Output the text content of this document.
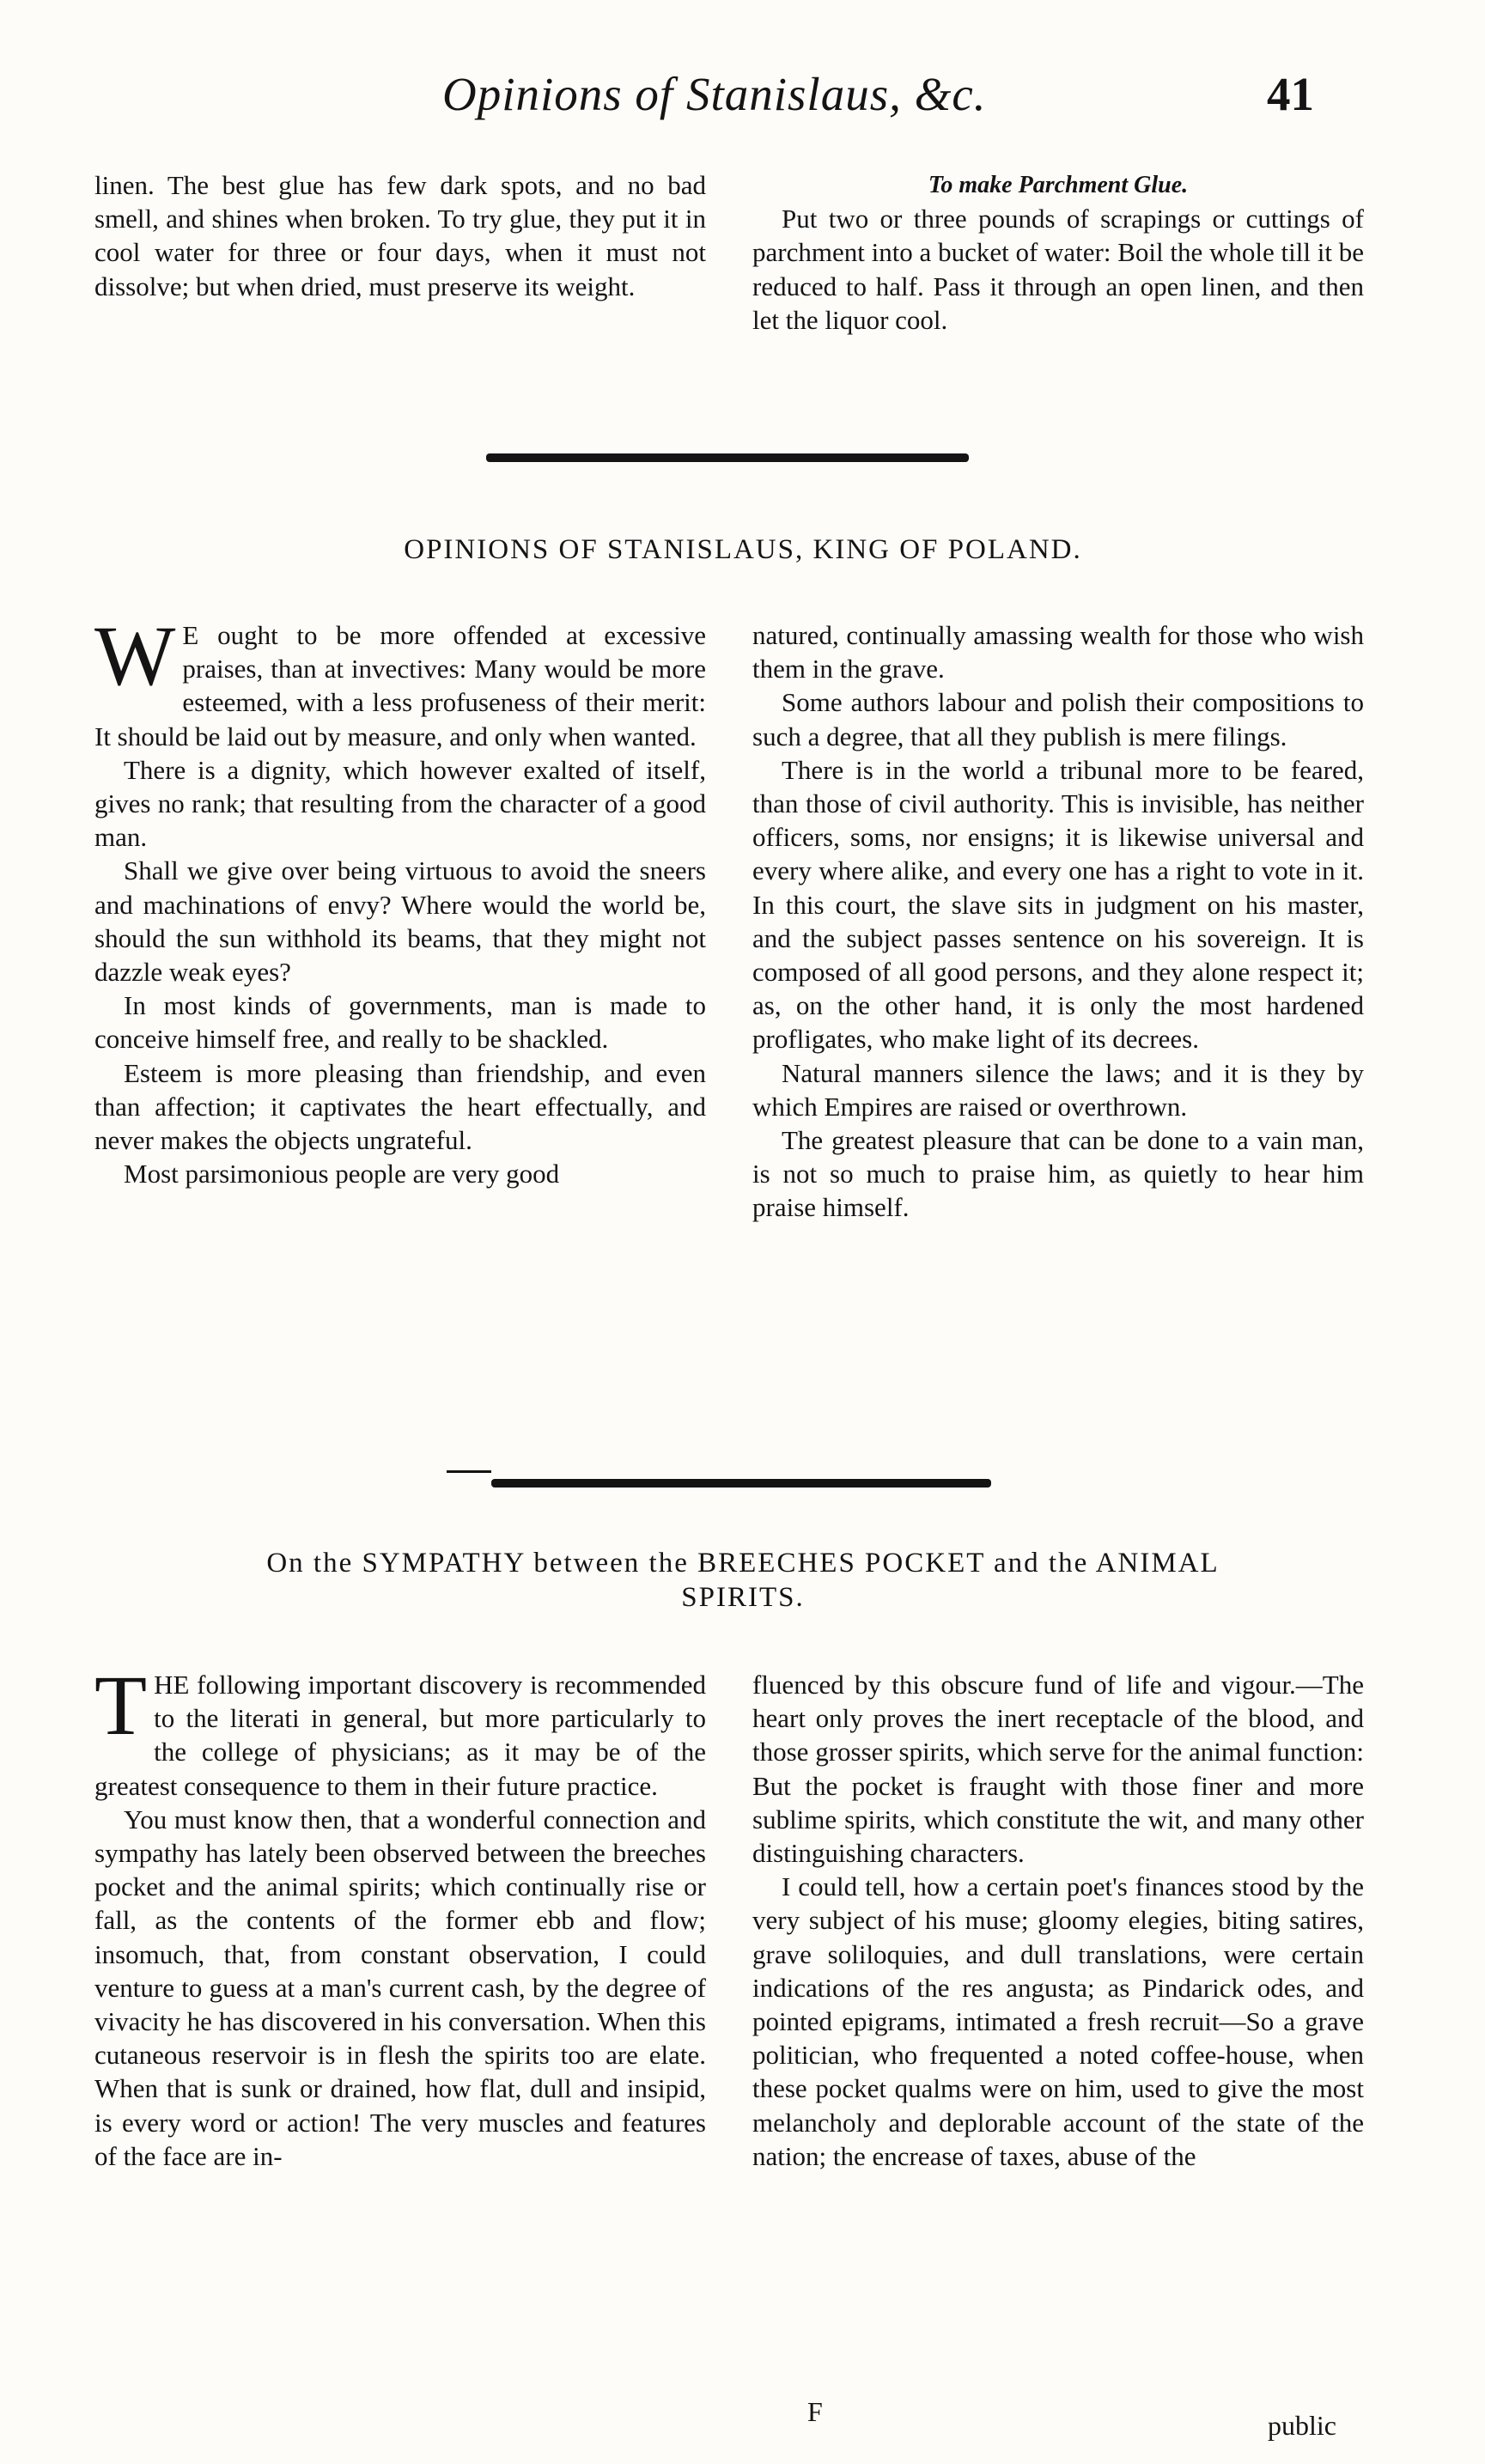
Opinions of Stanislaus, &c.	41

linen. The best glue has few dark spots, and no bad smell, and shines when broken. To try glue, they put it in cool water for three or four days, when it must not dissolve; but when dried, must preserve its weight.

To make Parchment Glue.

Put two or three pounds of scrapings or cuttings of parchment into a bucket of water: Boil the whole till it be reduced to half. Pass it through an open linen, and then let the liquor cool.

OPINIONS OF STANISLAUS, KING OF POLAND.

W E ought to be more offended at excessive praises, than at invectives: Many would be more esteemed, with a less profuseness of their merit: It should be laid out by measure, and only when wanted.

There is a dignity, which however exalted of itself, gives no rank; that resulting from the character of a good man.

Shall we give over being virtuous to avoid the sneers and machinations of envy? Where would the world be, should the sun withhold its beams, that they might not dazzle weak eyes?

In most kinds of governments, man is made to conceive himself free, and really to be shackled.

Esteem is more pleasing than friendship, and even than affection; it captivates the heart effectually, and never makes the objects ungrateful.

Most parsimonious people are very good

natured, continually amassing wealth for those who wish them in the grave.

Some authors labour and polish their compositions to such a degree, that all they publish is mere filings.

There is in the world a tribunal more to be feared, than those of civil authority. This is invisible, has neither officers, soms, nor ensigns; it is likewise universal and every where alike, and every one has a right to vote in it. In this court, the slave sits in judgment on his master, and the subject passes sentence on his sovereign. It is composed of all good persons, and they alone respect it; as, on the other hand, it is only the most hardened profligates, who make light of its decrees.

Natural manners silence the laws; and it is they by which Empires are raised or overthrown.

The greatest pleasure that can be done to a vain man, is not so much to praise him, as quietly to hear him praise himself.

On the SYMPATHY between the BREECHES POCKET and the ANIMAL
SPIRITS.

THE following important discovery is recommended to the literati in general, but more particularly to the college of physicians; as it may be of the greatest consequence to them in their future practice.

You must know then, that a wonderful connection and sympathy has lately been observed between the breeches pocket and the animal spirits; which continually rise or fall, as the contents of the former ebb and flow; insomuch, that, from constant observation, I could venture to guess at a man's current cash, by the degree of vivacity he has discovered in his conversation. When this cutaneous reservoir is in flesh the spirits too are elate. When that is sunk or drained, how flat, dull and insipid, is every word or action! The very muscles and features of the face are in-

fluenced by this obscure fund of life and vigour.—The heart only proves the inert receptacle of the blood, and those grosser spirits, which serve for the animal function: But the pocket is fraught with those finer and more sublime spirits, which constitute the wit, and many other distinguishing characters.

I could tell, how a certain poet's finances stood by the very subject of his muse; gloomy elegies, biting satires, grave soliloquies, and dull translations, were certain indications of the res angusta; as Pindarick odes, and pointed epigrams, intimated a fresh recruit—So a grave politician, who frequented a noted coffee-house, when these pocket qualms were on him, used to give the most melancholy and deplorable account of the state of the nation; the encrease of taxes, abuse of the

F	public
